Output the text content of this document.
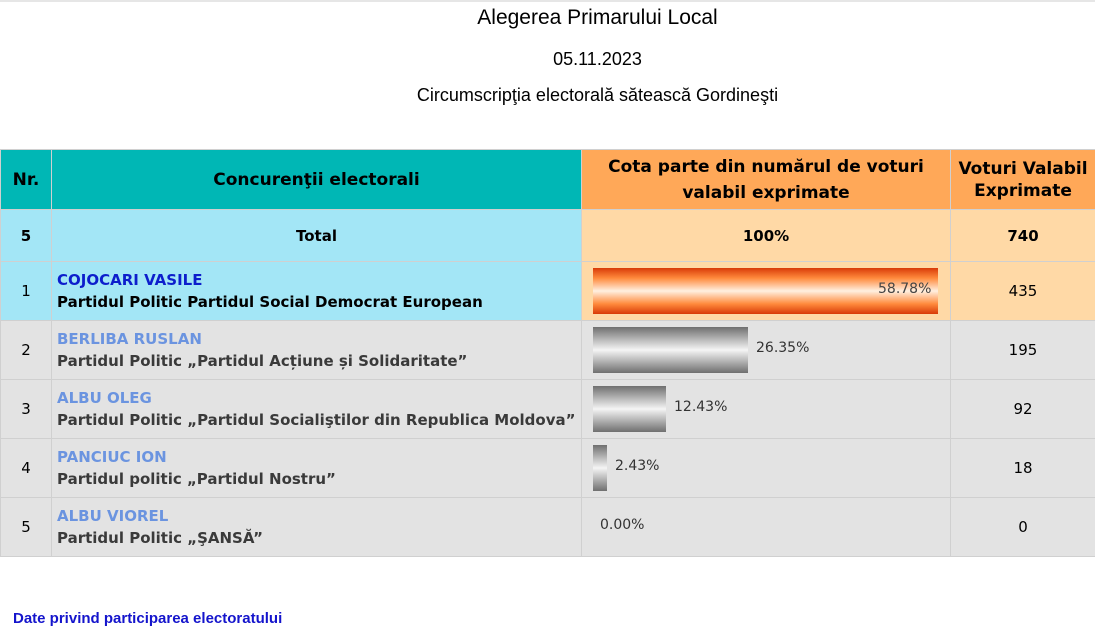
Alegerea Primarului Local
05.11.2023
Circumscripţia electorală sătească Gordineşti
Nr.	Concurenţii electorali	Cota parte din numărul de voturi valabil exprimate	Voturi Valabil Exprimate
5	Total	100%	740
1	COJOCARI VASILE
Partidul Politic Partidul Social Democrat European	58.78%	435
2	BERLIBA RUSLAN
Partidul Politic „Partidul Acțiune și Solidaritate”	26.35%	195
3	ALBU OLEG
Partidul Politic „Partidul Socialiştilor din Republica Moldova”	12.43%	92
4	PANCIUC ION
Partidul politic „Partidul Nostru”	2.43%	18
5	ALBU VIOREL
Partidul Politic „ŞANSĂ”	0.00%	0
Date privind participarea electoratului
